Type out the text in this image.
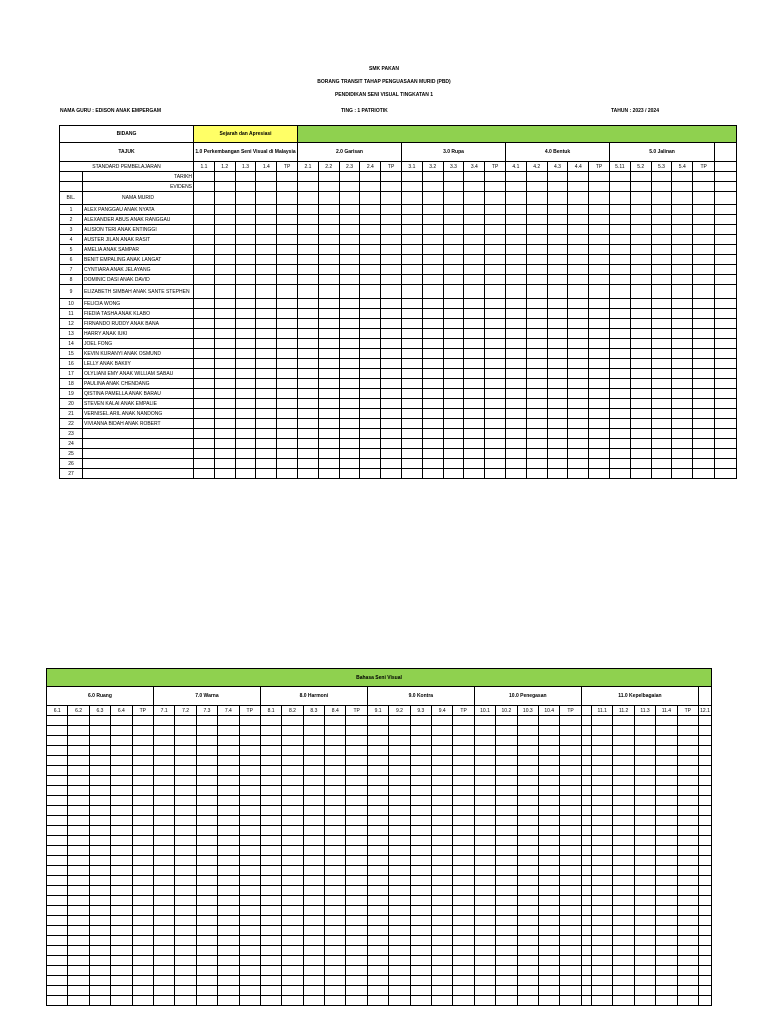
SMK PAKAN
BORANG TRANSIT TAHAP PENGUASAAN MURID (PBD)
PENDIDIKAN SENI VISUAL TINGKATAN 1
NAMA GURU : EDISON ANAK EMPERGAM	TING : 1 PATRIOTIK	TAHUN : 2023 / 2024
BIDANG		Sejarah dan Apresiasi																									
TAJUK		1.0 Perkembangan Seni Visual di Malaysia					2.0 Garisan					3.0 Rupa					4.0 Bentuk					5.0 Jalinan					
STANDARD PEMBELAJARAN		1.1	1.2	1.3	1.4	TP	2.1	2.2	2.3	2.4	TP	3.1	3.2	3.3	3.4	TP	4.1	4.2	4.3	4.4	TP	5.11	5.2	5.3	5.4	TP	
	TARIKH																										
	EVIDENS																										
BIL.	NAMA MURID																										
1	ALEX PANGGAU ANAK NYATA																										
2	ALEXANDER ABUS ANAK RANGGAU																										
3	ALISION TERI ANAK ENTINGGI																										
4	AUSTER JILAN ANAK RASIT																										
5	AMELIA ANAK SAMPAR																										
6	BENIT EMPALING ANAK LANGAT																										
7	CYNTIARA ANAK JELAYANG																										
8	DOMINIC DASI ANAK DAVID																										
9	ELIZABETH SIMBAH ANAK SANTE STEPHEN																										
10	FELICIA WONG																										
11	FIEDIA TASHA ANAK KLABO																										
12	FIRNANDO RUDDY ANAK BANA																										
13	HARRY ANAK IUKI																										
14	JOEL FONG																										
15	KEVIN KURANYI ANAK OSMUND																										
16	LELLY ANAK BAKIIY																										
17	OLYLIANI EMY ANAK WILLIAM SABAU																										
18	PAULINA ANAK CHENDANG																										
19	QISTINA PAMELLA ANAK BARAU																										
20	STEVEN KALAI ANAK EMPALIE																										
21	VERNISEL ARIL ANAK NANDONG																										
22	VIVIANNA BIDAH ANAK ROBERT																										
23																											
24																											
25																											
26																											
27																											
Bahasa Seni Visual																															
6.0 Ruang					7.0 Warna					8.0 Harmoni					9.0 Kontra					10.0 Penegasan					11.0 Kepelbagaian						
6.1	6.2	6.3	6.4	TP	7.1	7.2	7.3	7.4	TP	8.1	8.2	8.3	8.4	TP	9.1	9.2	9.3	9.4	TP	10.1	10.2	10.3	10.4	TP		11.1	11.2	11.3	11.4	TP	12.1
